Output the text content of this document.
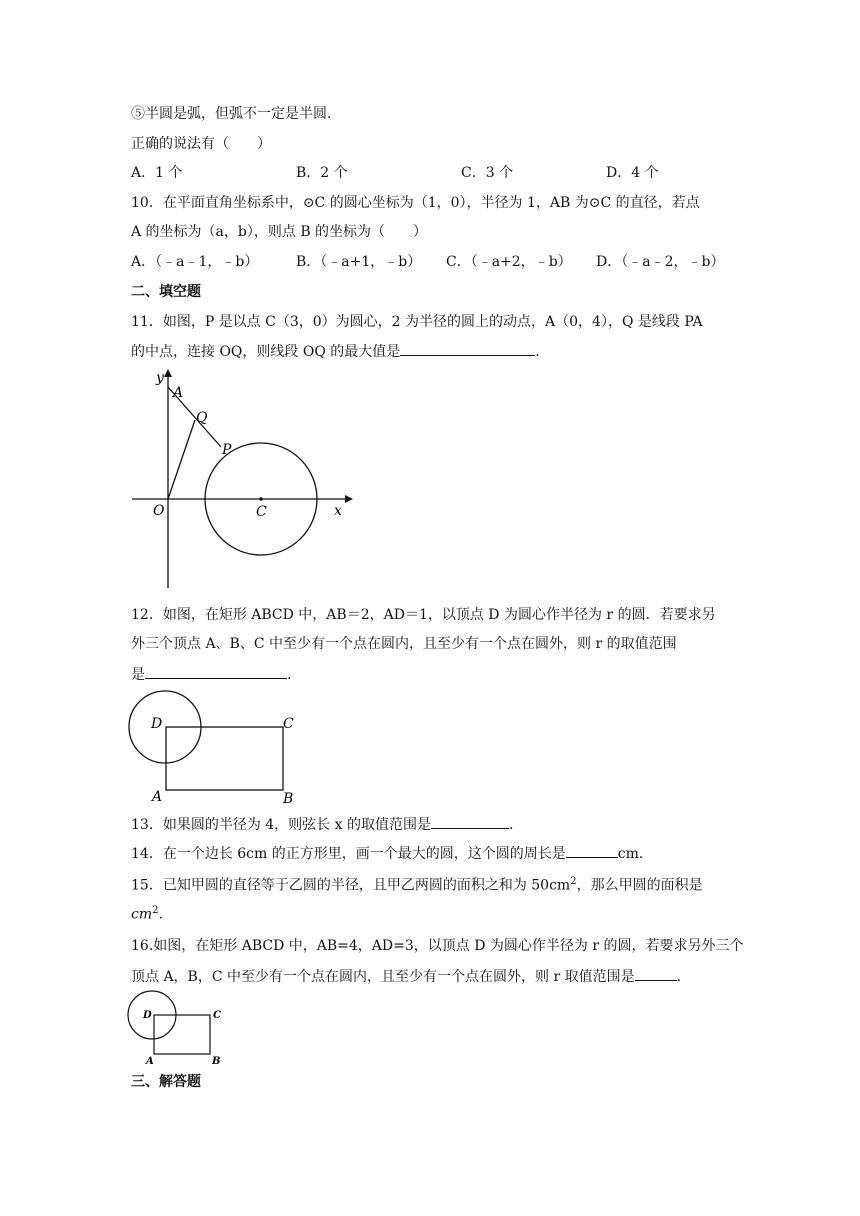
⑤半圆是弧，但弧不一定是半圆.
正确的说法有（　　）
A．1 个	B．2 个	C．3 个	D．4 个
10．在平面直角坐标系中，⊙C 的圆心坐标为（1，0），半径为 1，AB 为⊙C 的直径，若点
A 的坐标为（a，b），则点 B 的坐标为（　　）
A．（﹣a﹣1，﹣b）	B．（﹣a+1，﹣b）	C．（﹣a+2，﹣b）	D．（﹣a﹣2，﹣b）
二、填空题
11．如图，P 是以点 C（3，0）为圆心，2 为半径的圆上的动点，A（0，4），Q 是线段 PA
的中点，连接 OQ，则线段 OQ 的最大值是	.
y
A
Q
P
O	C	x
12．如图，在矩形 ABCD 中，AB＝2，AD＝1，以顶点 D 为圆心作半径为 r 的圆．若要求另
外三个顶点 A、B、C 中至少有一个点在圆内，且至少有一个点在圆外，则 r 的取值范围
是	.
D	C
A	B
13．如果圆的半径为 4，则弦长 x 的取值范围是	.
14．在一个边长 6cm 的正方形里，画一个最大的圆，这个圆的周长是	cm．
15．已知甲圆的直径等于乙圆的半径，且甲乙两圆的面积之和为 $50cm^2$，那么甲圆的面积是
$cm^2$.
16.如图，在矩形 ABCD 中，AB=4，AD=3，以顶点 D 为圆心作半径为 r 的圆，若要求另外三个
顶点 A，B，C 中至少有一个点在圆内，且至少有一个点在圆外，则 r 取值范围是	.
D	C
A	B
三、解答题
